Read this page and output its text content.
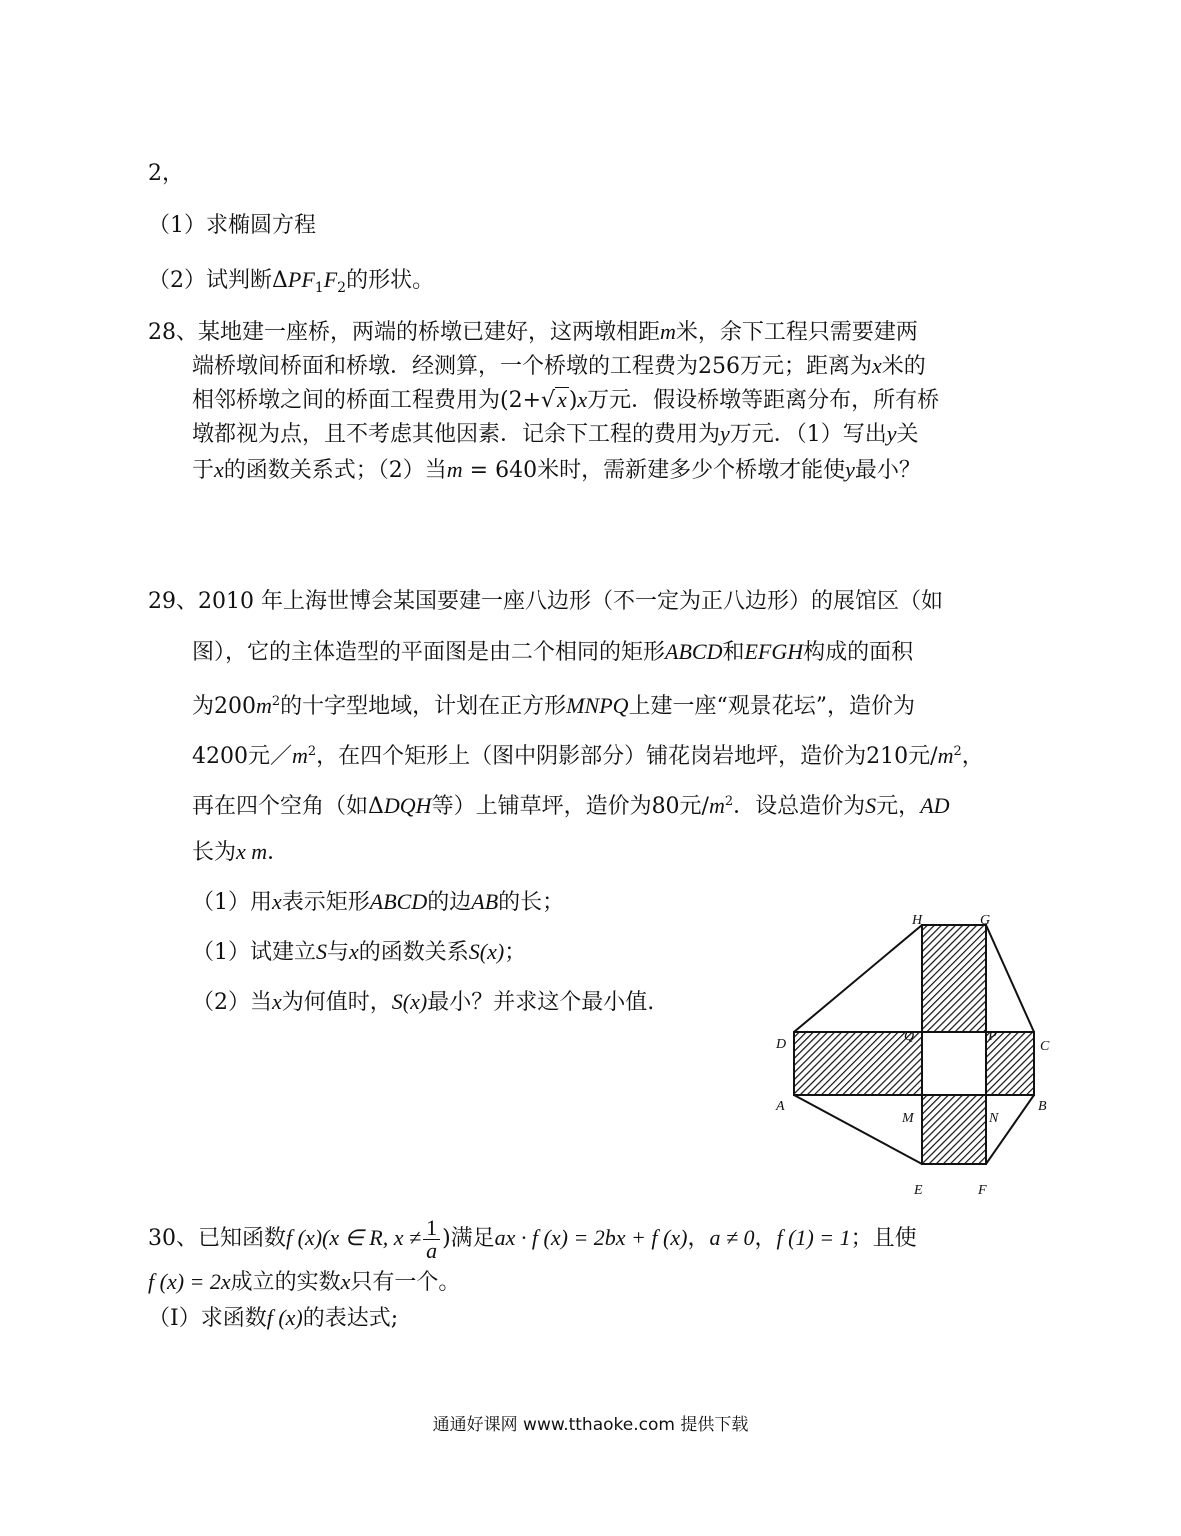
2，
（1）求椭圆方程
（2）试判断$\Delta PF_1F_2$的形状。
28、某地建一座桥，两端的桥墩已建好，这两墩相距m米，余下工程只需要建两
端桥墩间桥面和桥墩．经测算，一个桥墩的工程费为256万元；距离为x米的
相邻桥墩之间的桥面工程费用为(2+√x)x万元．假设桥墩等距离分布，所有桥
墩都视为点，且不考虑其他因素．记余下工程的费用为y万元．（1）写出y关
于x的函数关系式；（2）当m = 640米时，需新建多少个桥墩才能使y最小？
29、2010 年上海世博会某国要建一座八边形（不一定为正八边形）的展馆区（如
图），它的主体造型的平面图是由二个相同的矩形ABCD和EFGH构成的面积
为$200m^2$的十字型地域，计划在正方形MNPQ上建一座“观景花坛”，造价为
4200元$/m^2$，在四个矩形上（图中阴影部分）铺花岗岩地坪，造价为210元$/m^2$，
再在四个空角（如ΔDQH等）上铺草坪，造价为80元$/m^2$．设总造价为S元，AD
长为x m．
（1）用x表示矩形ABCD的边AB的长；
（1）试建立S与x的函数关系S(x)；
（2）当x为何值时，S(x)最小？并求这个最小值.
H	G
D	C
A	B
Q	P
M	N
E	F
30、已知函数f (x)(x ∈ R, $x \ne \frac{1}{a}$ )满足ax · f (x) = 2bx + f (x)，a ≠ 0，f (1) = 1；且使
f (x) = 2x成立的实数x只有一个。
（Ⅰ）求函数f (x)的表达式;
通通好课网 www.tthaoke.com 提供下载
